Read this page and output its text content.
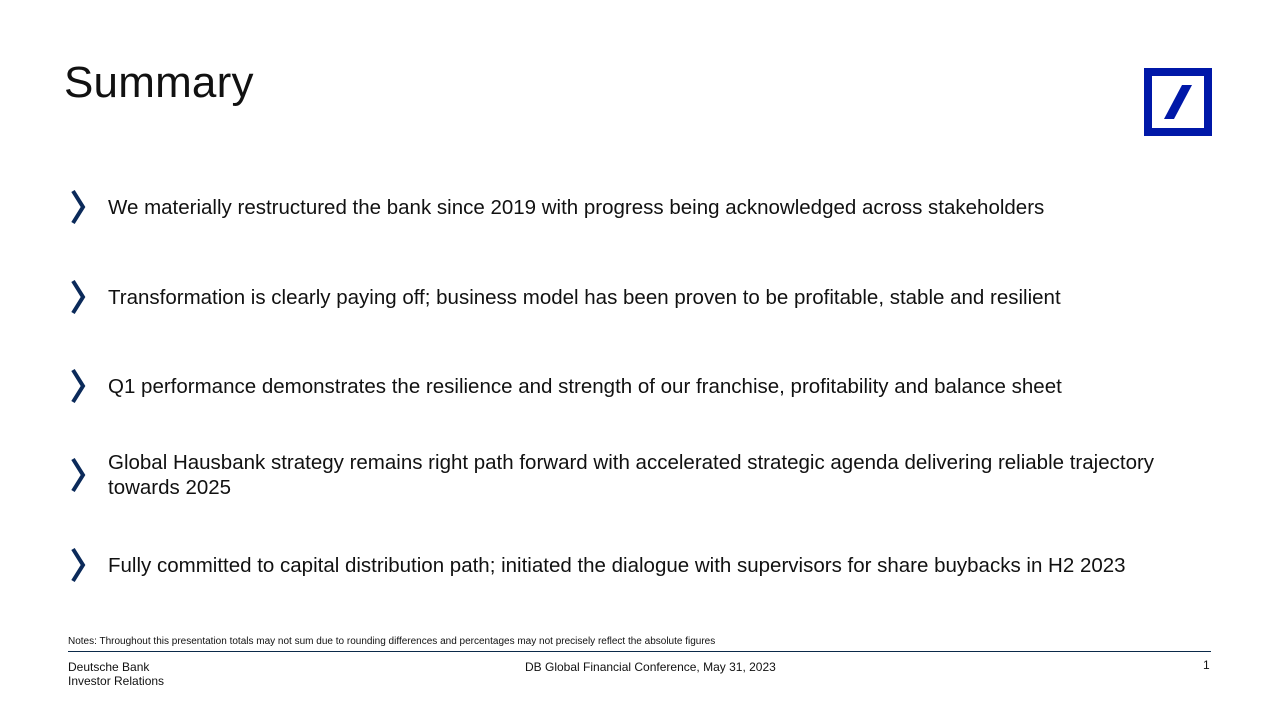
Summary
We materially restructured the bank since 2019 with progress being acknowledged across stakeholders
Transformation is clearly paying off; business model has been proven to be profitable, stable and resilient
Q1 performance demonstrates the resilience and strength of our franchise, profitability and balance sheet
Global Hausbank strategy remains right path forward with accelerated strategic agenda delivering reliable trajectory towards 2025
Fully committed to capital distribution path; initiated the dialogue with supervisors for share buybacks in H2 2023
Notes: Throughout this presentation totals may not sum due to rounding differences and percentages may not precisely reflect the absolute figures
Deutsche Bank
Investor Relations
DB Global Financial Conference, May 31, 2023	1
